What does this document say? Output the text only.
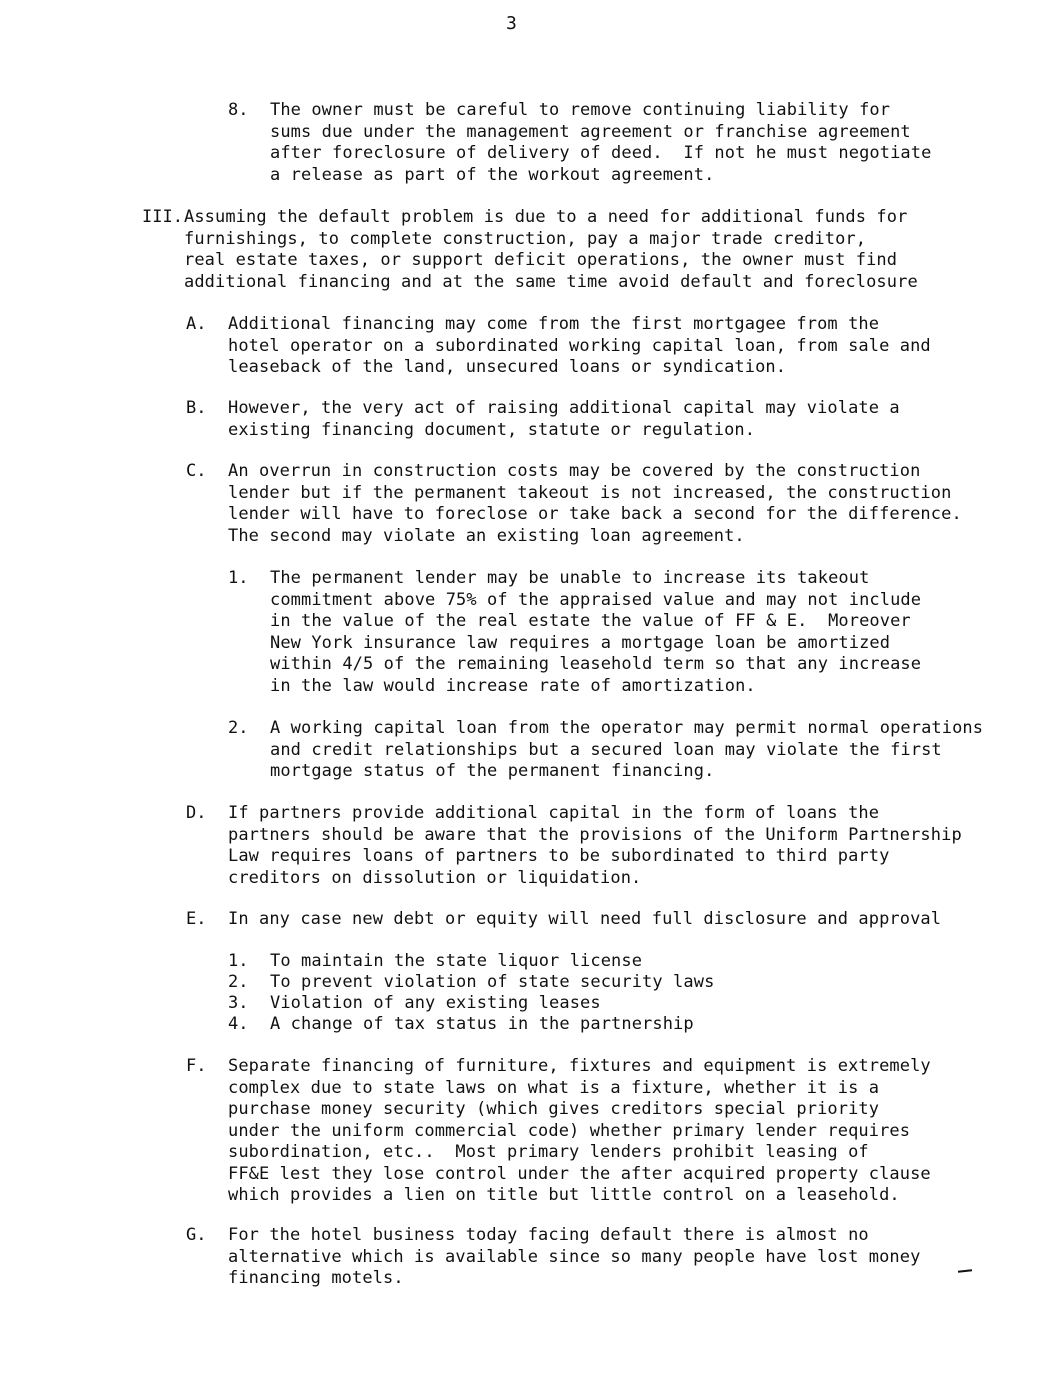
3
8. The owner must be careful to remove continuing liability for
sums due under the management agreement or franchise agreement
after foreclosure of delivery of deed.  If not he must negotiate
a release as part of the workout agreement.

III. Assuming the default problem is due to a need for additional funds for
furnishings, to complete construction, pay a major trade creditor,
real estate taxes, or support deficit operations, the owner must find
additional financing and at the same time avoid default and foreclosure

A. Additional financing may come from the first mortgagee from the
hotel operator on a subordinated working capital loan, from sale and
leaseback of the land, unsecured loans or syndication.

B. However, the very act of raising additional capital may violate a
existing financing document, statute or regulation.

C. An overrun in construction costs may be covered by the construction
lender but if the permanent takeout is not increased, the construction
lender will have to foreclose or take back a second for the difference.
The second may violate an existing loan agreement.

1. The permanent lender may be unable to increase its takeout
commitment above 75% of the appraised value and may not include
in the value of the real estate the value of FF & E.  Moreover
New York insurance law requires a mortgage loan be amortized
within 4/5 of the remaining leasehold term so that any increase
in the law would increase rate of amortization.

2. A working capital loan from the operator may permit normal operations
and credit relationships but a secured loan may violate the first
mortgage status of the permanent financing.

D. If partners provide additional capital in the form of loans the
partners should be aware that the provisions of the Uniform Partnership
Law requires loans of partners to be subordinated to third party
creditors on dissolution or liquidation.

E. In any case new debt or equity will need full disclosure and approval

1. To maintain the state liquor license

2. To prevent violation of state security laws

3. Violation of any existing leases

4. A change of tax status in the partnership

F. Separate financing of furniture, fixtures and equipment is extremely
complex due to state laws on what is a fixture, whether it is a
purchase money security (which gives creditors special priority
under the uniform commercial code) whether primary lender requires
subordination, etc..  Most primary lenders prohibit leasing of
FF&E lest they lose control under the after acquired property clause
which provides a lien on title but little control on a leasehold.

G. For the hotel business today facing default there is almost no
alternative which is available since so many people have lost money
financing motels.
